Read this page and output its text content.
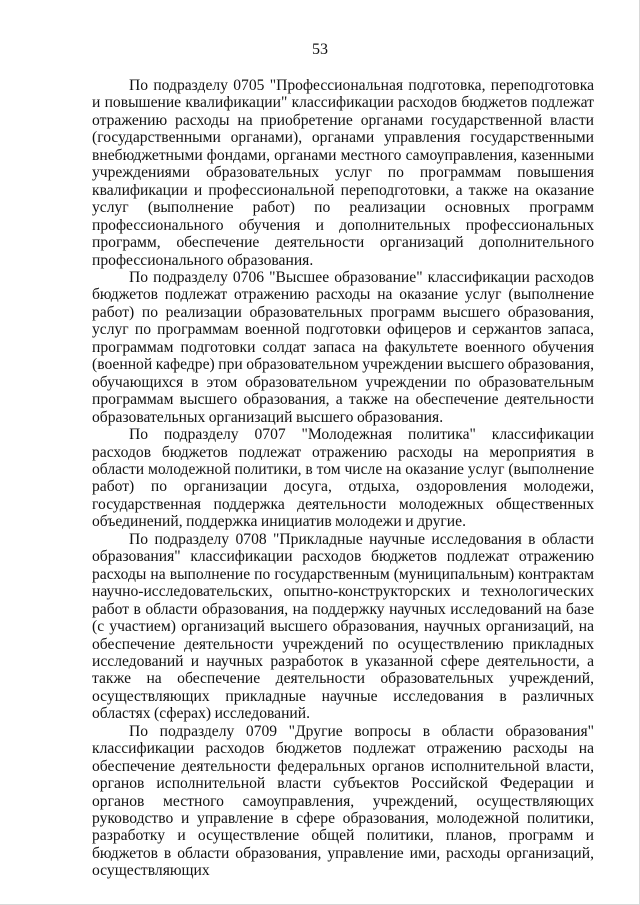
53

По подразделу 0705 "Профессиональная подготовка, переподготовка и повышение квалификации" классификации расходов бюджетов подлежат отражению расходы на приобретение органами государственной власти (государственными органами), органами управления государственными внебюджетными фондами, органами местного самоуправления, казенными учреждениями образовательных услуг по программам повышения квалификации и профессиональной переподготовки, а также на оказание услуг (выполнение работ) по реализации основных программ профессионального обучения и дополнительных профессиональных программ, обеспечение деятельности организаций дополнительного профессионального образования.

По подразделу 0706 "Высшее образование" классификации расходов бюджетов подлежат отражению расходы на оказание услуг (выполнение работ) по реализации образовательных программ высшего образования, услуг по программам военной подготовки офицеров и сержантов запаса, программам подготовки солдат запаса на факультете военного обучения (военной кафедре) при образовательном учреждении высшего образования, обучающихся в этом образовательном учреждении по образовательным программам высшего образования, а также на обеспечение деятельности образовательных организаций высшего образования.

По подразделу 0707 "Молодежная политика" классификации расходов бюджетов подлежат отражению расходы на мероприятия в области молодежной политики, в том числе на оказание услуг (выполнение работ) по организации досуга, отдыха, оздоровления молодежи, государственная поддержка деятельности молодежных общественных объединений, поддержка инициатив молодежи и другие.

По подразделу 0708 "Прикладные научные исследования в области образования" классификации расходов бюджетов подлежат отражению расходы на выполнение по государственным (муниципальным) контрактам научно-исследовательских, опытно-конструкторских и технологических работ в области образования, на поддержку научных исследований на базе (с участием) организаций высшего образования, научных организаций, на обеспечение деятельности учреждений по осуществлению прикладных исследований и научных разработок в указанной сфере деятельности, а также на обеспечение деятельности образовательных учреждений, осуществляющих прикладные научные исследования в различных областях (сферах) исследований.

По подразделу 0709 "Другие вопросы в области образования" классификации расходов бюджетов подлежат отражению расходы на обеспечение деятельности федеральных органов исполнительной власти, органов исполнительной власти субъектов Российской Федерации и органов местного самоуправления, учреждений, осуществляющих руководство и управление в сфере образования, молодежной политики, разработку и осуществление общей политики, планов, программ и бюджетов в области образования, управление ими, расходы организаций, осуществляющих
